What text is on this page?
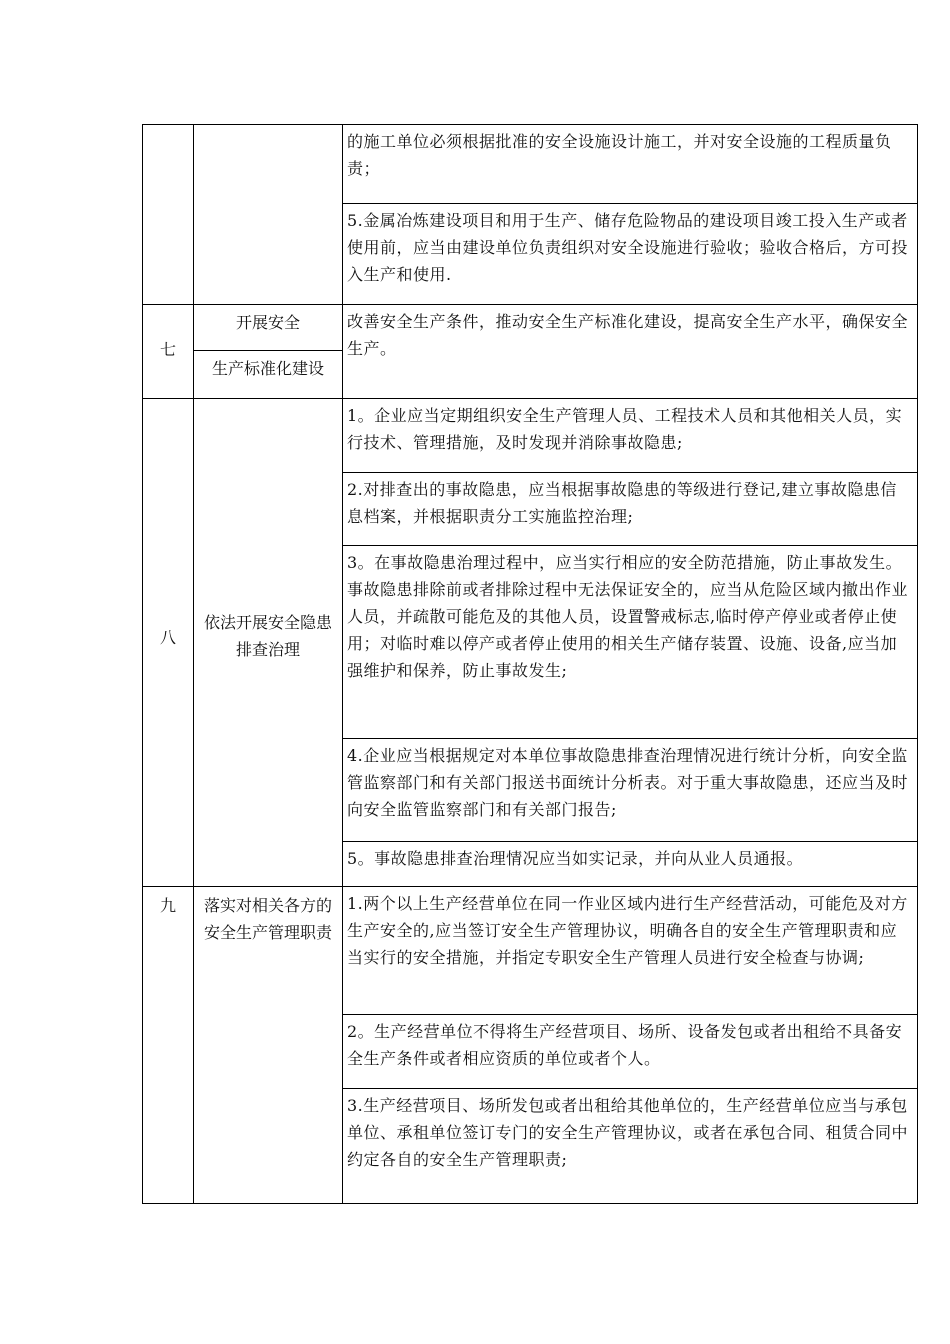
的施工单位必须根据批准的安全设施设计施工，并对安全设施的工程质量负责；
5.金属冶炼建设项目和用于生产、储存危险物品的建设项目竣工投入生产或者使用前，应当由建设单位负责组织对安全设施进行验收；验收合格后，方可投入生产和使用.
七
开展安全
生产标准化建设
改善安全生产条件，推动安全生产标准化建设，提高安全生产水平，确保安全生产。
八
依法开展安全隐患排查治理
1。企业应当定期组织安全生产管理人员、工程技术人员和其他相关人员，实行技术、管理措施，及时发现并消除事故隐患;
2.对排查出的事故隐患，应当根据事故隐患的等级进行登记,建立事故隐患信息档案，并根据职责分工实施监控治理;
3。在事故隐患治理过程中，应当实行相应的安全防范措施，防止事故发生。事故隐患排除前或者排除过程中无法保证安全的，应当从危险区域内撤出作业人员，并疏散可能危及的其他人员，设置警戒标志,临时停产停业或者停止使用；对临时难以停产或者停止使用的相关生产储存装置、设施、设备,应当加强维护和保养，防止事故发生;
4.企业应当根据规定对本单位事故隐患排查治理情况进行统计分析，向安全监管监察部门和有关部门报送书面统计分析表。对于重大事故隐患，还应当及时向安全监管监察部门和有关部门报告;
5。事故隐患排查治理情况应当如实记录，并向从业人员通报。
九	落实对相关各方的安全生产管理职责
1.两个以上生产经营单位在同一作业区域内进行生产经营活动，可能危及对方生产安全的,应当签订安全生产管理协议，明确各自的安全生产管理职责和应当实行的安全措施，并指定专职安全生产管理人员进行安全检查与协调;
2。生产经营单位不得将生产经营项目、场所、设备发包或者出租给不具备安全生产条件或者相应资质的单位或者个人。
3.生产经营项目、场所发包或者出租给其他单位的，生产经营单位应当与承包单位、承租单位签订专门的安全生产管理协议，或者在承包合同、租赁合同中约定各自的安全生产管理职责;
